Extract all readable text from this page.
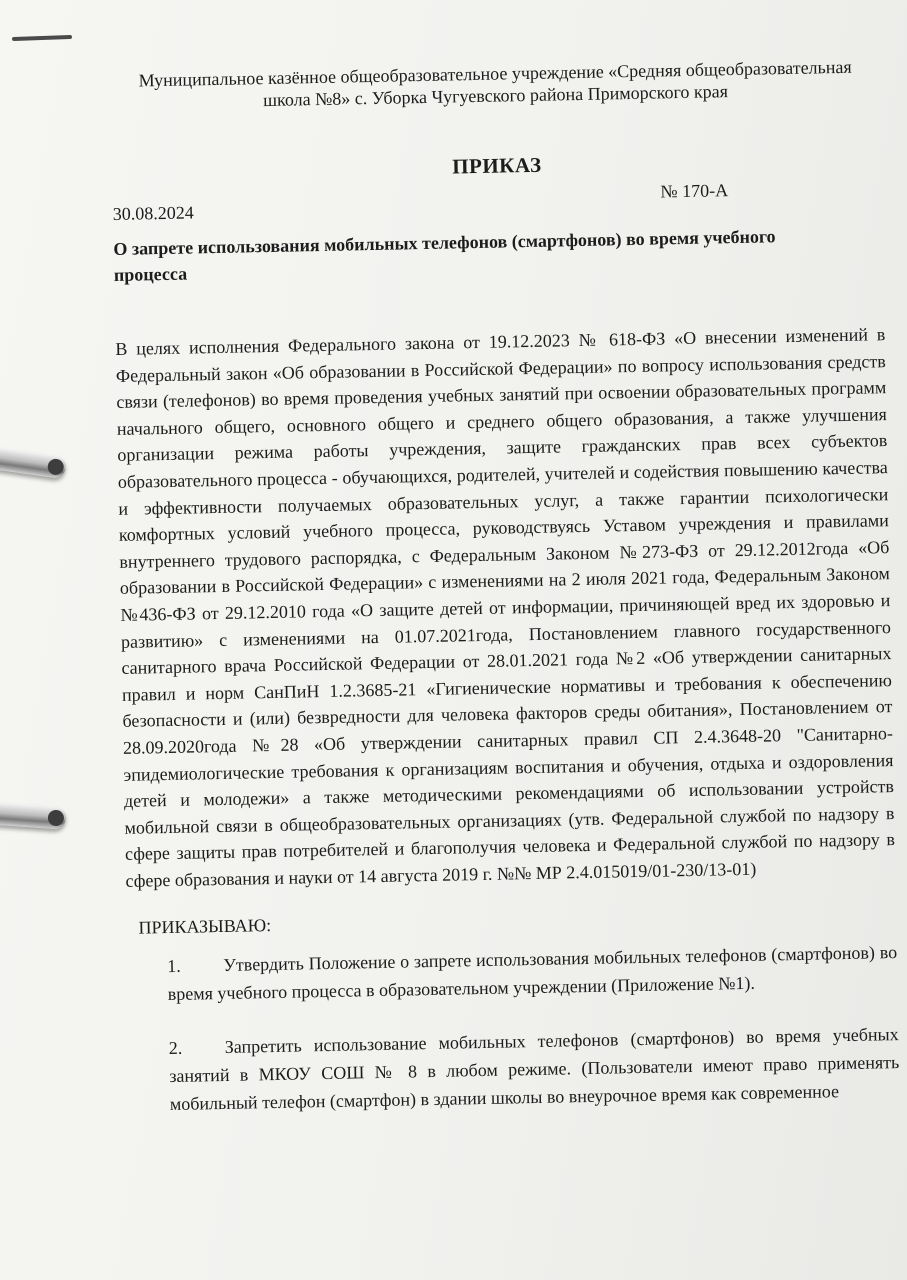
Муниципальное казённое общеобразовательное учреждение «Средняя общеобразовательная школа №8» с. Уборка Чугуевского района Приморского края

ПРИКАЗ
30.08.2024
№ 170-А
О запрете использования мобильных телефонов (смартфонов) во время учебного процесса
В целях исполнения Федерального закона от 19.12.2023 № 618-ФЗ «О внесении изменений в Федеральный закон «Об образовании в Российской Федерации» по вопросу использования средств связи (телефонов) во время проведения учебных занятий при освоении образовательных программ начального общего, основного общего и среднего общего образования, а также улучшения организации режима работы учреждения, защите гражданских прав всех субъектов образовательного процесса - обучающихся, родителей, учителей и содействия повышению качества и эффективности получаемых образовательных услуг, а также гарантии психологически комфортных условий учебного процесса, руководствуясь Уставом учреждения и правилами внутреннего трудового распорядка, с Федеральным Законом №273-ФЗ от 29.12.2012года «Об образовании в Российской Федерации» с изменениями на 2 июля 2021 года, Федеральным Законом №436-ФЗ от 29.12.2010 года «О защите детей от информации, причиняющей вред их здоровью и развитию» с изменениями на 01.07.2021года, Постановлением главного государственного санитарного врача Российской Федерации от 28.01.2021 года №2 «Об утверждении санитарных правил и норм СанПиН 1.2.3685-21 «Гигиенические нормативы и требования к обеспечению безопасности и (или) безвредности для человека факторов среды обитания», Постановлением от 28.09.2020года №28 «Об утверждении санитарных правил СП 2.4.3648-20 "Санитарно-эпидемиологические требования к организациям воспитания и обучения, отдыха и оздоровления детей и молодежи» а также методическими рекомендациями об использовании устройств мобильной связи в общеобразовательных организациях (утв. Федеральной службой по надзору в сфере защиты прав потребителей и благополучия человека и Федеральной службой по надзору в сфере образования и науки от 14 августа 2019 г. №№ МР 2.4.015019/01-230/13-01)
ПРИКАЗЫВАЮ:
1. Утвердить Положение о запрете использования мобильных телефонов (смартфонов) во время учебного процесса в образовательном учреждении (Приложение №1).
2. Запретить использование мобильных телефонов (смартфонов) во время учебных занятий в МКОУ СОШ № 8 в любом режиме. (Пользователи имеют право применять мобильный телефон (смартфон) в здании школы во внеурочное время как современное
